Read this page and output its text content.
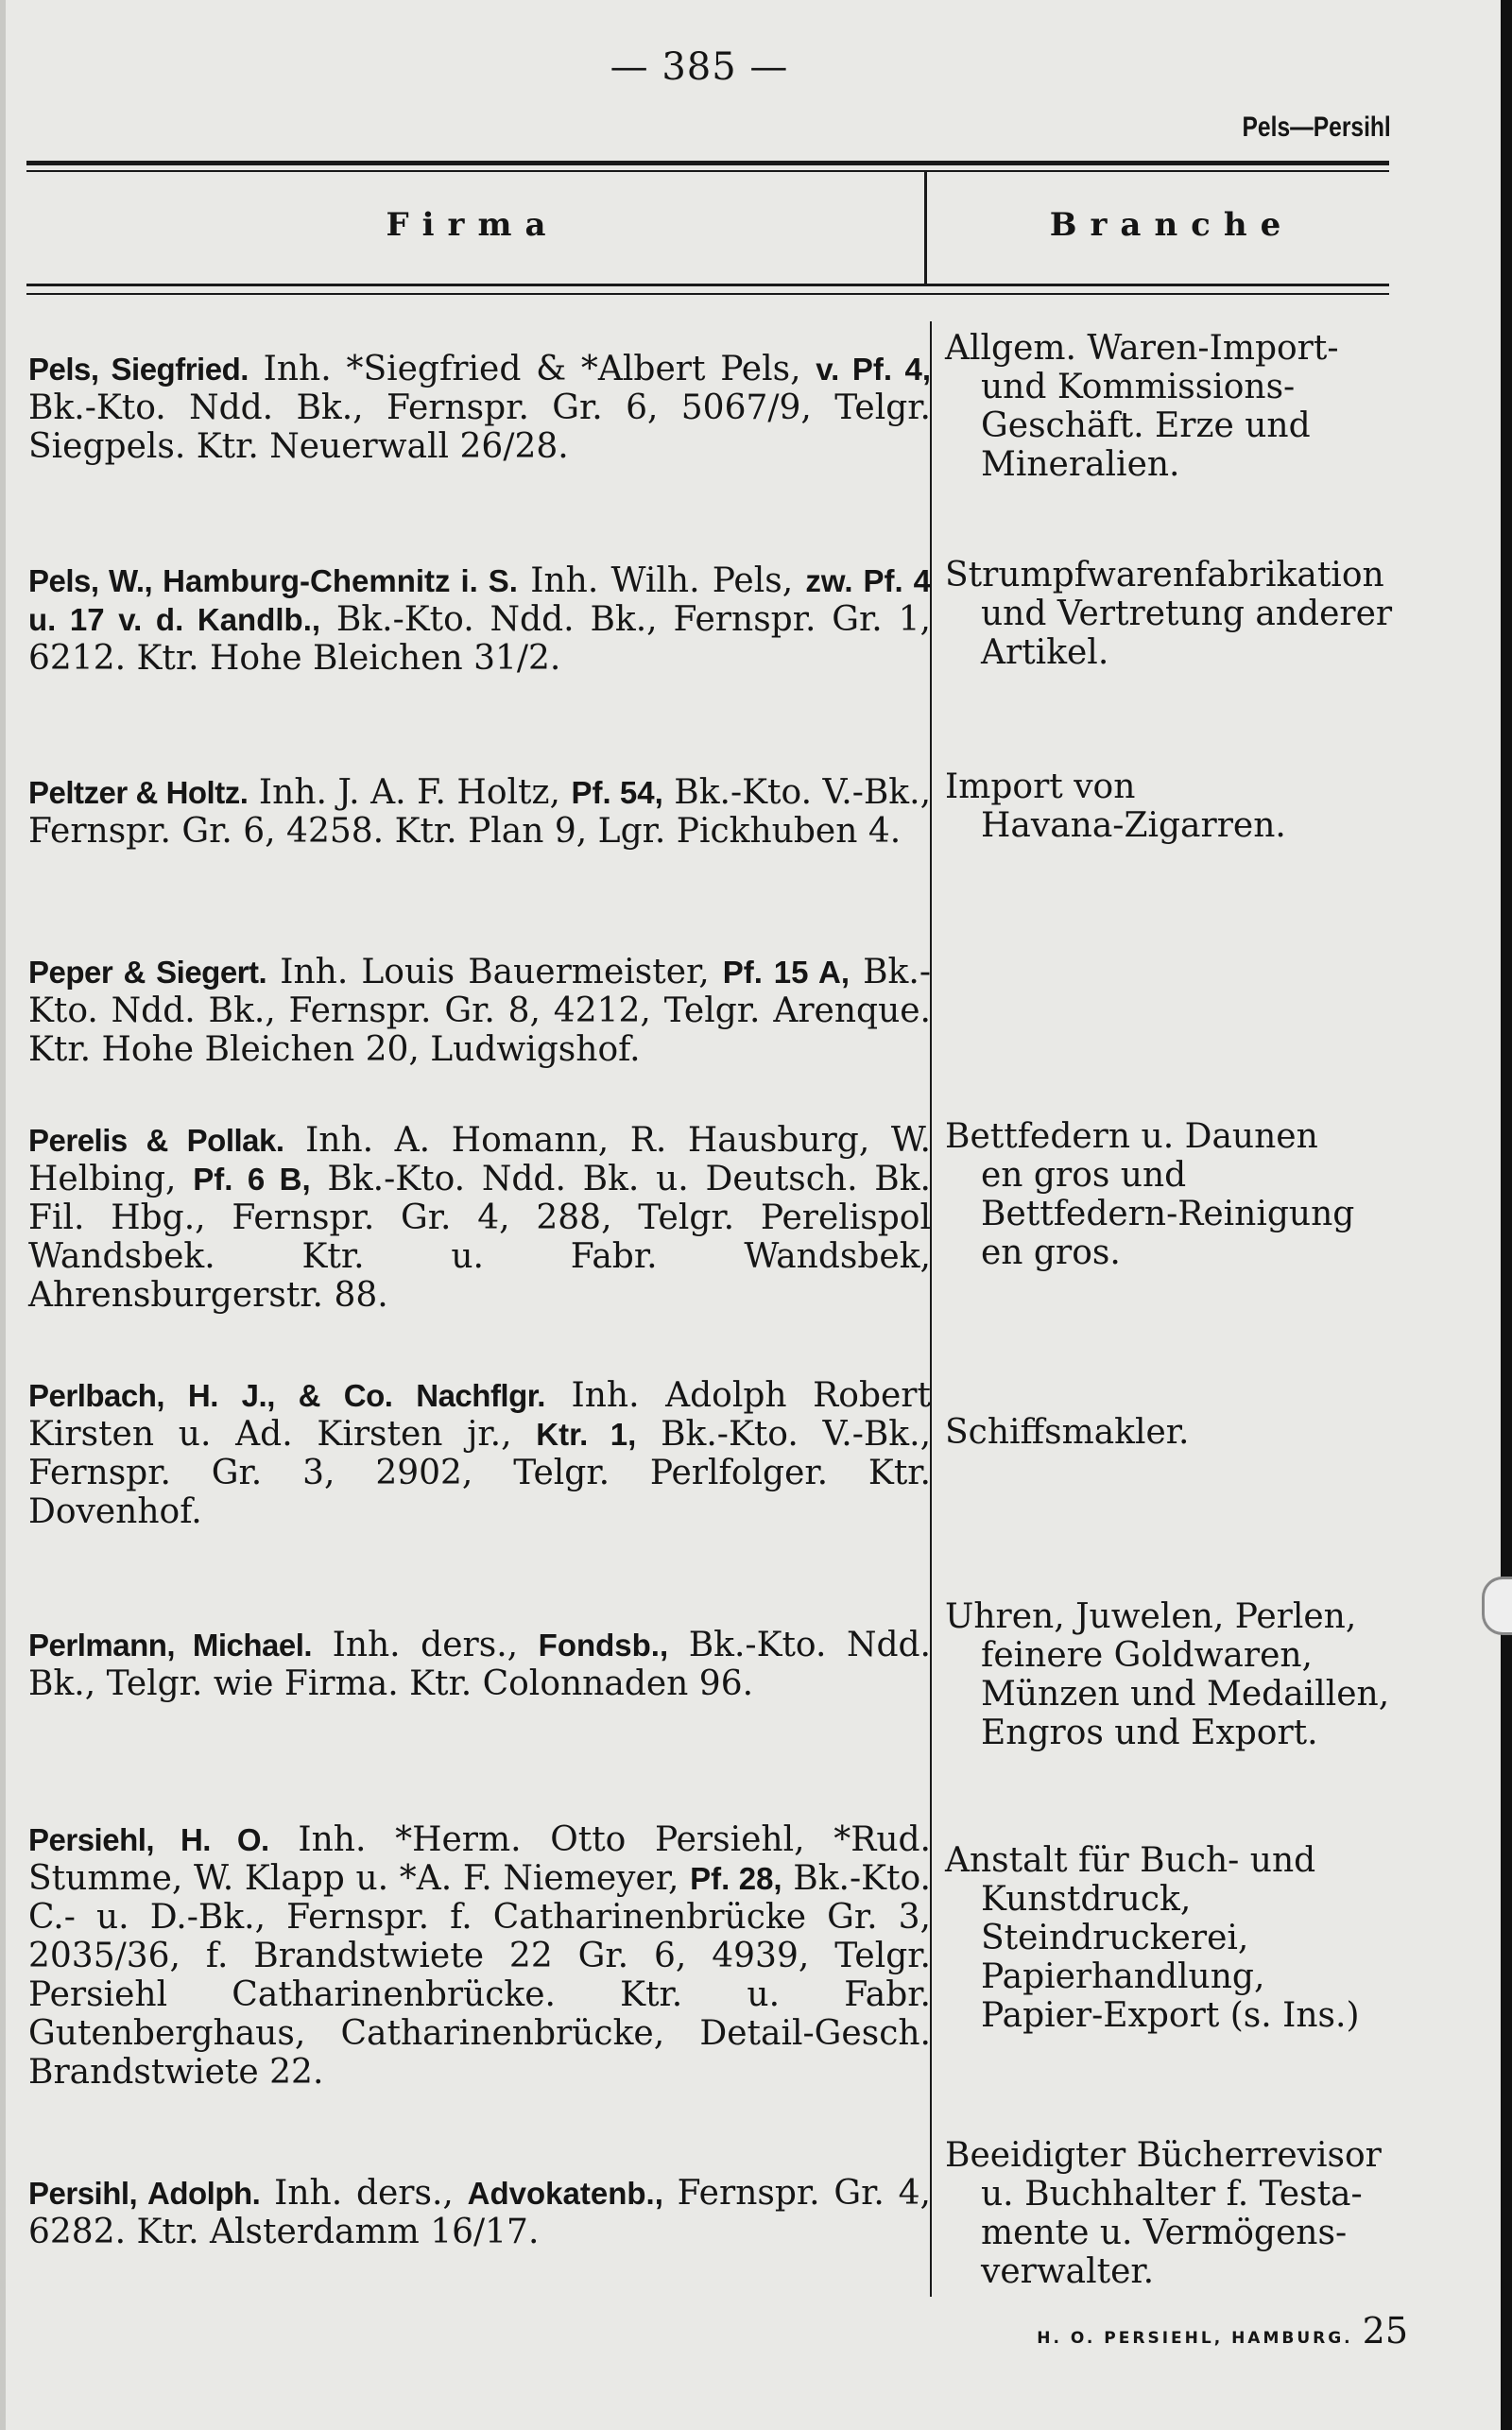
— 385 —
Pels—Persihl
Firma	Branche
Pels, Siegfried. Inh. *Siegfried & *Albert Pels, v. Pf. 4, Bk.-Kto. Ndd. Bk., Fernspr. Gr. 6, 5067/9, Telgr. Siegpels. Ktr. Neuerwall 26/28.
Allgem. Waren-Import-
und Kommissions-
Geschäft. Erze und
Mineralien.
Pels, W., Hamburg-Chemnitz i. S. Inh. Wilh. Pels, zw. Pf. 4 u. 17 v. d. Kandlb., Bk.-Kto. Ndd. Bk., Fernspr. Gr. 1, 6212. Ktr. Hohe Bleichen 31/2.
Strumpfwarenfabrikation
und Vertretung anderer
Artikel.
Peltzer & Holtz. Inh. J. A. F. Holtz, Pf. 54, Bk.-Kto. V.-Bk., Fernspr. Gr. 6, 4258. Ktr. Plan 9, Lgr. Pickhuben 4.
Import von
Havana-Zigarren.
Peper & Siegert. Inh. Louis Bauermeister, Pf. 15 A, Bk.-Kto. Ndd. Bk., Fernspr. Gr. 8, 4212, Telgr. Arenque. Ktr. Hohe Bleichen 20, Ludwigshof.
Perelis & Pollak. Inh. A. Homann, R. Hausburg, W. Helbing, Pf. 6 B, Bk.-Kto. Ndd. Bk. u. Deutsch. Bk. Fil. Hbg., Fernspr. Gr. 4, 288, Telgr. Perelispol Wandsbek. Ktr. u. Fabr. Wandsbek, Ahrensburgerstr. 88.
Bettfedern u. Daunen
en gros und
Bettfedern-Reinigung
en gros.
Perlbach, H. J., & Co. Nachflgr. Inh. Adolph Robert Kirsten u. Ad. Kirsten jr., Ktr. 1, Bk.-Kto. V.-Bk., Fernspr. Gr. 3, 2902, Telgr. Perlfolger. Ktr. Dovenhof.
Schiffsmakler.
Perlmann, Michael. Inh. ders., Fondsb., Bk.-Kto. Ndd. Bk., Telgr. wie Firma. Ktr. Colonnaden 96.
Uhren, Juwelen, Perlen,
feinere Goldwaren,
Münzen und Medaillen,
Engros und Export.
Persiehl, H. O. Inh. *Herm. Otto Persiehl, *Rud. Stumme, W. Klapp u. *A. F. Niemeyer, Pf. 28, Bk.-Kto. C.- u. D.-Bk., Fernspr. f. Catharinenbrücke Gr. 3, 2035/36, f. Brandstwiete 22 Gr. 6, 4939, Telgr. Persiehl Catharinenbrücke. Ktr. u. Fabr. Gutenberghaus, Catharinenbrücke, Detail-Gesch. Brandstwiete 22.
Anstalt für Buch- und
Kunstdruck,
Steindruckerei,
Papierhandlung,
Papier-Export (s. Ins.)
Persihl, Adolph. Inh. ders., Advokatenb., Fernspr. Gr. 4, 6282. Ktr. Alsterdamm 16/17.
Beeidigter Bücherrevisor
u. Buchhalter f. Testa-
mente u. Vermögens-
verwalter.
H. O. PERSIEHL, HAMBURG. 25
